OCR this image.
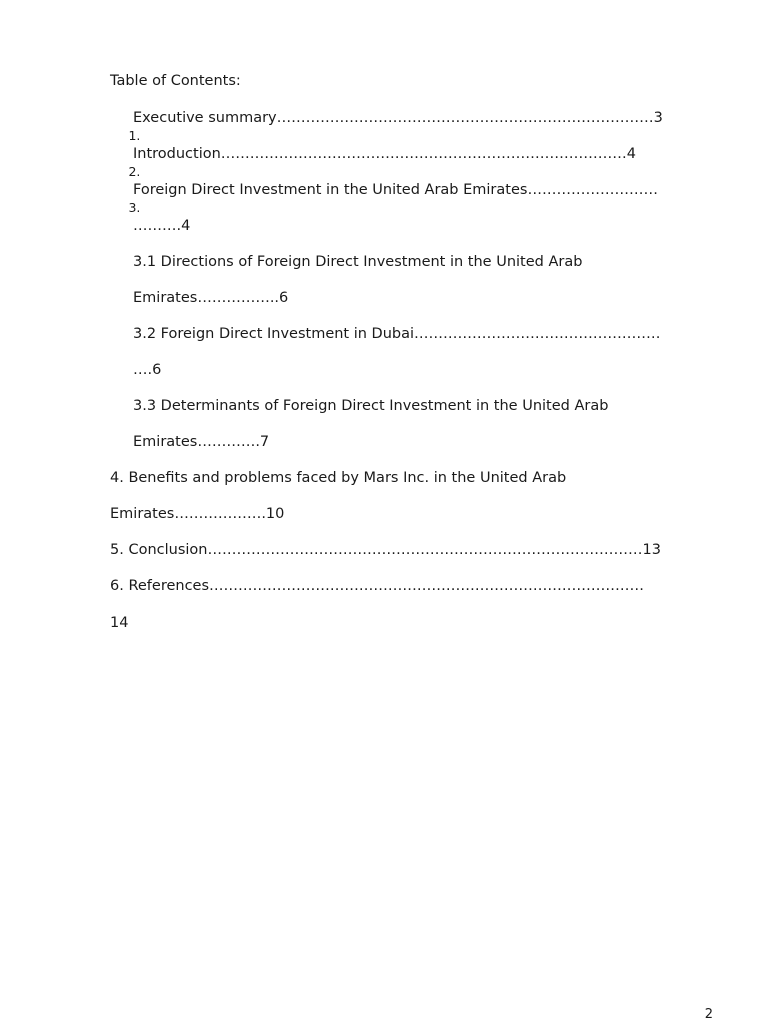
Table of Contents:

1.
Executive summary……………………………………………………………………3

2.
Introduction…………………………………………………………………………4

3.
Foreign Direct Investment in the United Arab Emirates………………………

……….4
3.1 Directions of Foreign Direct Investment in the United Arab
Emirates……………..6
3.2 Foreign Direct Investment in Dubai……………………………………………
….6
3.3 Determinants of Foreign Direct Investment in the United Arab
Emirates………….7
4. Benefits and problems faced by Mars Inc. in the United Arab
Emirates……………….10
5. Conclusion………………………………………………………………………………13
6. References………………………………………………………………………………
14
2
